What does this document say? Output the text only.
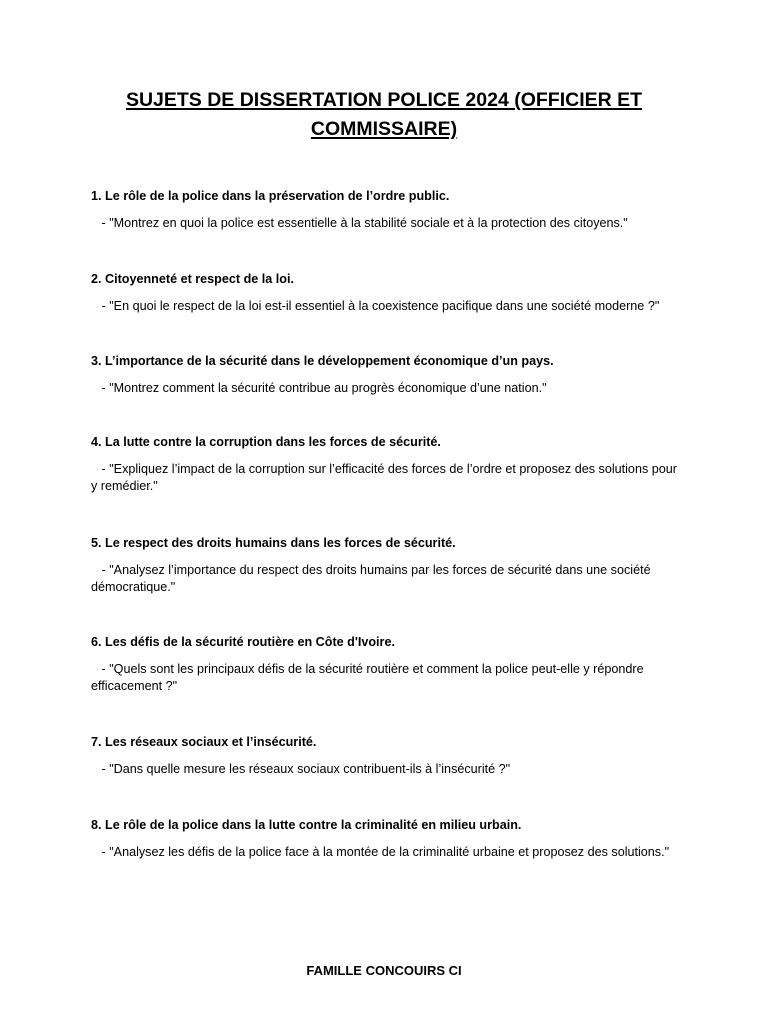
SUJETS DE DISSERTATION POLICE 2024 (OFFICIER ET
COMMISSAIRE)

1. Le rôle de la police dans la préservation de l’ordre public.

- "Montrez en quoi la police est essentielle à la stabilité sociale et à la protection des citoyens."

2. Citoyenneté et respect de la loi.

- "En quoi le respect de la loi est-il essentiel à la coexistence pacifique dans une société moderne ?"

3. L’importance de la sécurité dans le développement économique d’un pays.

- "Montrez comment la sécurité contribue au progrès économique d’une nation."

4. La lutte contre la corruption dans les forces de sécurité.

- "Expliquez l’impact de la corruption sur l’efficacité des forces de l’ordre et proposez des solutions pour y remédier."

5. Le respect des droits humains dans les forces de sécurité.

- "Analysez l’importance du respect des droits humains par les forces de sécurité dans une société démocratique."

6. Les défis de la sécurité routière en Côte d'Ivoire.

- "Quels sont les principaux défis de la sécurité routière et comment la police peut-elle y répondre efficacement ?"

7. Les réseaux sociaux et l’insécurité.

- "Dans quelle mesure les réseaux sociaux contribuent-ils à l’insécurité ?"

8. Le rôle de la police dans la lutte contre la criminalité en milieu urbain.

- "Analysez les défis de la police face à la montée de la criminalité urbaine et proposez des solutions."

FAMILLE CONCOUIRS CI
